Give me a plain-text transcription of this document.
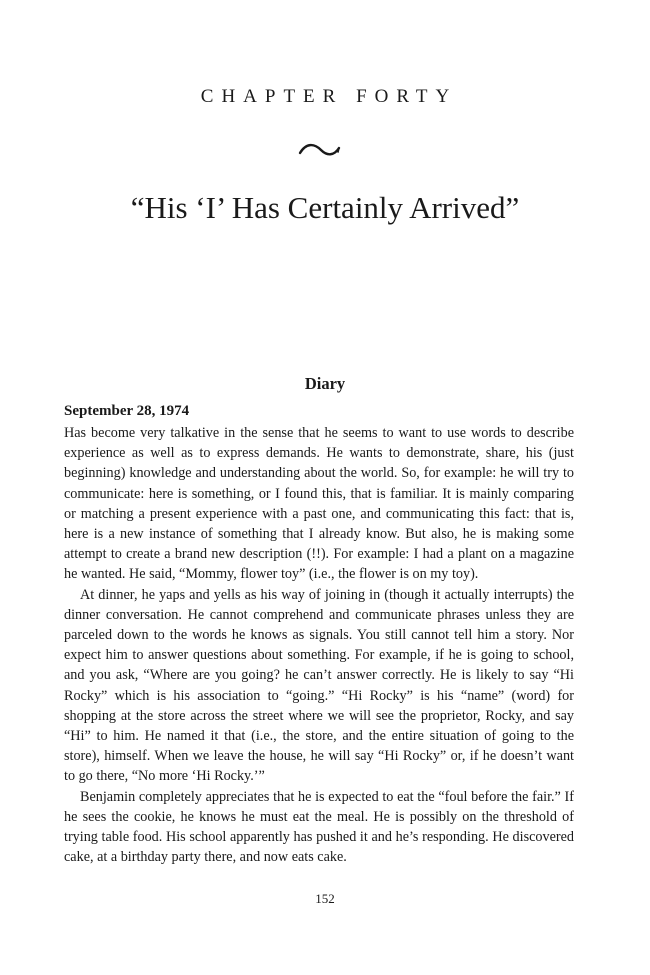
CHAPTER FORTY
“His ‘I’ Has Certainly Arrived”
Diary
September 28, 1974

Has become very talkative in the sense that he seems to want to use words to describe experience as well as to express demands. He wants to demonstrate, share, his (just beginning) knowledge and understanding about the world. So, for example: he will try to communicate: here is something, or I found this, that is familiar. It is mainly comparing or matching a present experience with a past one, and communicating this fact: that is, here is a new instance of something that I already know. But also, he is making some attempt to create a brand new description (!!). For example: I had a plant on a magazine he wanted. He said, “Mommy, flower toy” (i.e., the flower is on my toy).

At dinner, he yaps and yells as his way of joining in (though it actually interrupts) the dinner conversation. He cannot comprehend and communicate phrases unless they are parceled down to the words he knows as signals. You still cannot tell him a story. Nor expect him to answer questions about something. For example, if he is going to school, and you ask, “Where are you going? he can’t answer correctly. He is likely to say “Hi Rocky” which is his association to “going.” “Hi Rocky” is his “name” (word) for shopping at the store across the street where we will see the proprietor, Rocky, and say “Hi” to him. He named it that (i.e., the store, and the entire situation of going to the store), himself. When we leave the house, he will say “Hi Rocky” or, if he doesn’t want to go there, “No more ‘Hi Rocky.’”

Benjamin completely appreciates that he is expected to eat the “foul before the fair.” If he sees the cookie, he knows he must eat the meal. He is possibly on the threshold of trying table food. His school apparently has pushed it and he’s responding. He discovered cake, at a birthday party there, and now eats cake.

152
